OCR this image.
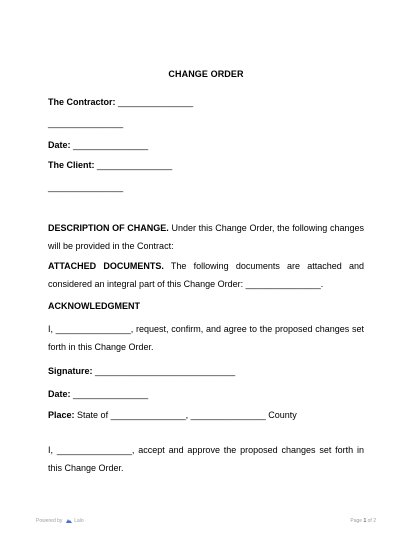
CHANGE ORDER
The Contractor: _______________
_______________
Date: _______________
The Client: _______________
_______________
DESCRIPTION OF CHANGE. Under this Change Order, the following changes will be provided in the Contract:
ATTACHED DOCUMENTS. The following documents are attached and considered an integral part of this Change Order: _______________.
ACKNOWLEDGMENT
I, _______________, request, confirm, and agree to the proposed changes set forth in this Change Order.
Signature: ____________________________
Date: _______________
Place: State of _______________, _______________ County
I, _______________, accept and approve the proposed changes set forth in this Change Order.
Powered by Lalo	Page 1 of 2
